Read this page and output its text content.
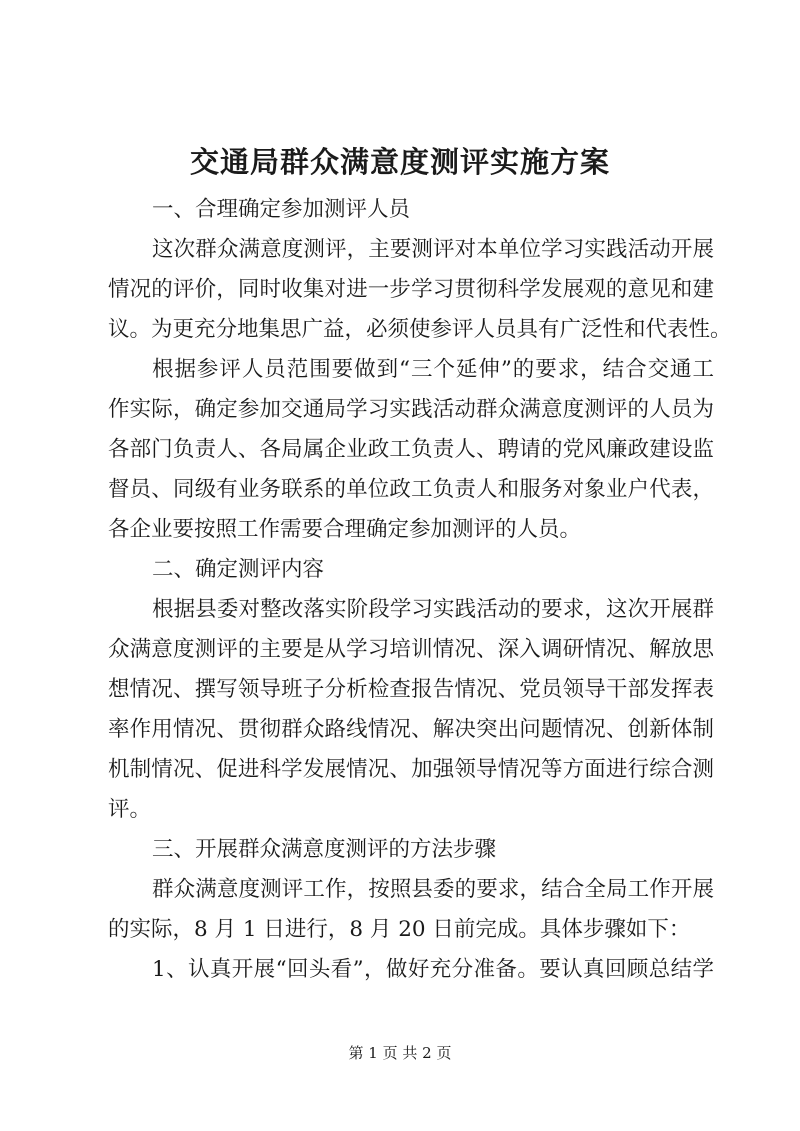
交通局群众满意度测评实施方案
一、合理确定参加测评人员
这次群众满意度测评，主要测评对本单位学习实践活动开展
情况的评价，同时收集对进一步学习贯彻科学发展观的意见和建
议。为更充分地集思广益，必须使参评人员具有广泛性和代表性。
根据参评人员范围要做到“三个延伸”的要求，结合交通工
作实际，确定参加交通局学习实践活动群众满意度测评的人员为
各部门负责人、各局属企业政工负责人、聘请的党风廉政建设监
督员、同级有业务联系的单位政工负责人和服务对象业户代表，
各企业要按照工作需要合理确定参加测评的人员。
二、确定测评内容
根据县委对整改落实阶段学习实践活动的要求，这次开展群
众满意度测评的主要是从学习培训情况、深入调研情况、解放思
想情况、撰写领导班子分析检查报告情况、党员领导干部发挥表
率作用情况、贯彻群众路线情况、解决突出问题情况、创新体制
机制情况、促进科学发展情况、加强领导情况等方面进行综合测
评。
三、开展群众满意度测评的方法步骤
群众满意度测评工作，按照县委的要求，结合全局工作开展
的实际，8 月 1 日进行，8 月 20 日前完成。具体步骤如下：
1、认真开展“回头看”，做好充分准备。要认真回顾总结学
第 1 页 共 2 页
